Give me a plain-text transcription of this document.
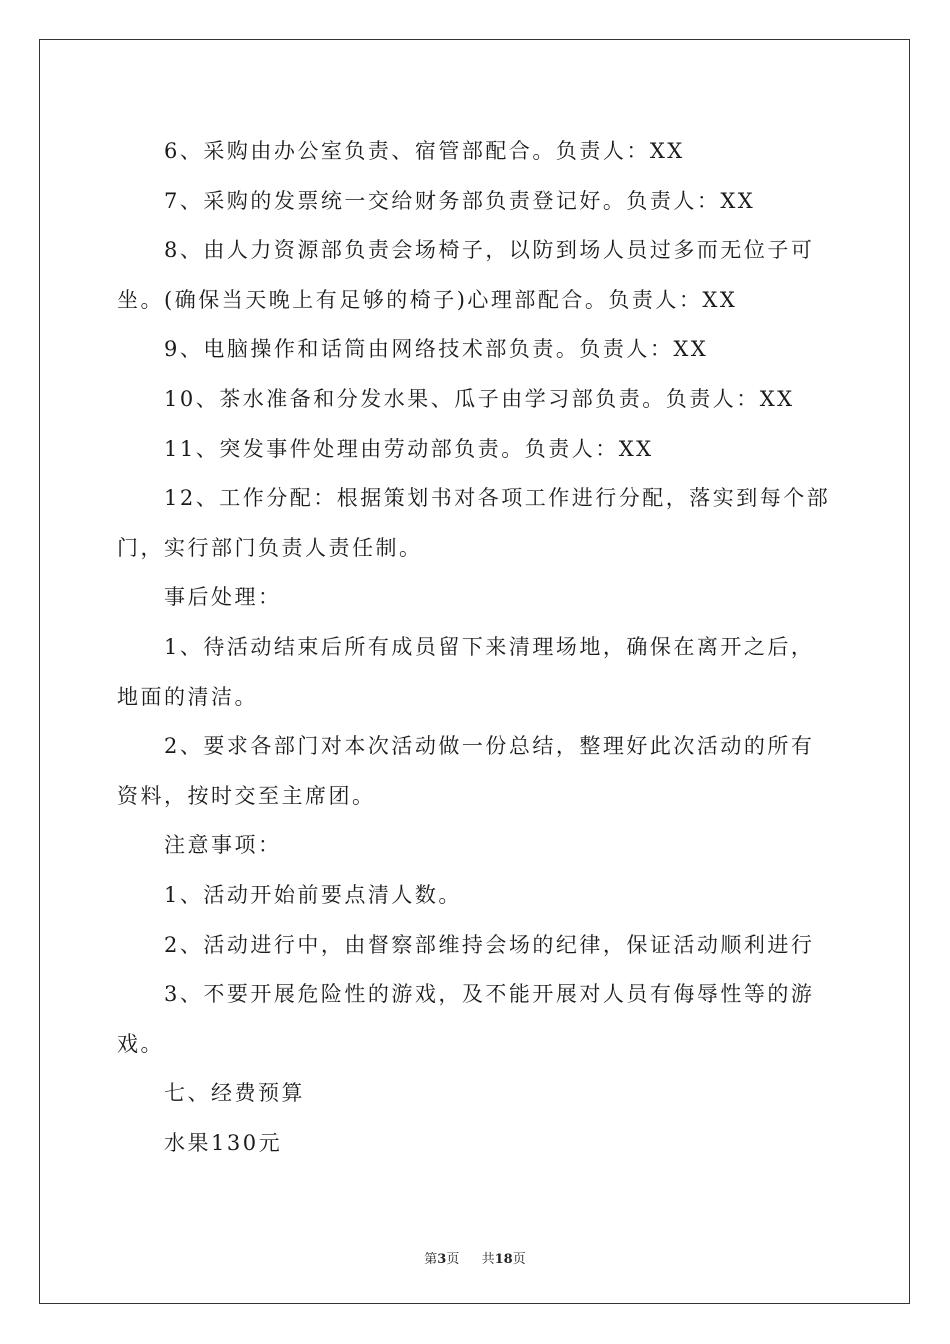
6、采购由办公室负责、宿管部配合。负责人：XX

7、采购的发票统一交给财务部负责登记好。负责人：XX

8、由人力资源部负责会场椅子，以防到场人员过多而无位子可坐。(确保当天晚上有足够的椅子)心理部配合。负责人：XX

9、电脑操作和话筒由网络技术部负责。负责人：XX

10、茶水准备和分发水果、瓜子由学习部负责。负责人：XX

11、突发事件处理由劳动部负责。负责人：XX

12、工作分配：根据策划书对各项工作进行分配，落实到每个部门，实行部门负责人责任制。

事后处理：

1、待活动结束后所有成员留下来清理场地，确保在离开之后，地面的清洁。

2、要求各部门对本次活动做一份总结，整理好此次活动的所有资料，按时交至主席团。

注意事项：

1、活动开始前要点清人数。

2、活动进行中，由督察部维持会场的纪律，保证活动顺利进行

3、不要开展危险性的游戏，及不能开展对人员有侮辱性等的游戏。

七、经费预算

水果130元

第3页 共18页
